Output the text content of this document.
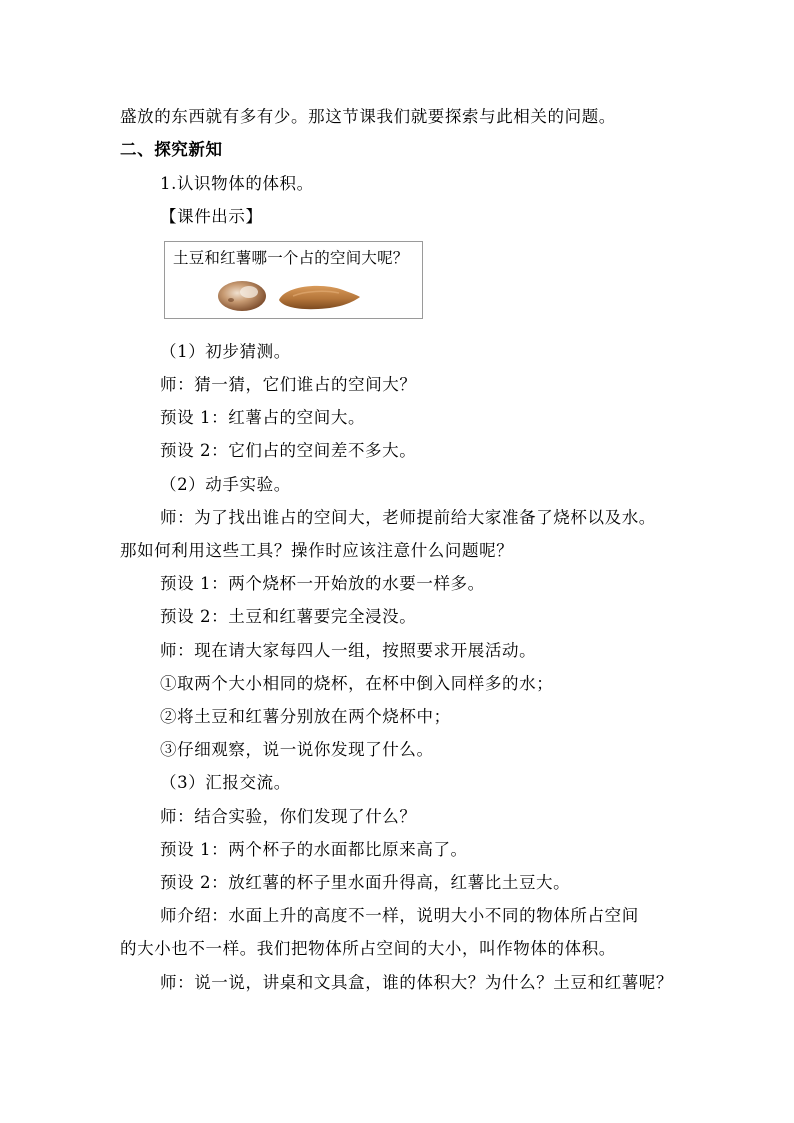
盛放的东西就有多有少。那这节课我们就要探索与此相关的问题。
二、探究新知
1.认识物体的体积。
【课件出示】
土豆和红薯哪一个占的空间大呢？
（1）初步猜测。
师：猜一猜，它们谁占的空间大？
预设 1：红薯占的空间大。
预设 2：它们占的空间差不多大。
（2）动手实验。
师：为了找出谁占的空间大，老师提前给大家准备了烧杯以及水。
那如何利用这些工具？操作时应该注意什么问题呢？
预设 1：两个烧杯一开始放的水要一样多。
预设 2：土豆和红薯要完全浸没。
师：现在请大家每四人一组，按照要求开展活动。
①取两个大小相同的烧杯，在杯中倒入同样多的水；
②将土豆和红薯分别放在两个烧杯中；
③仔细观察，说一说你发现了什么。
（3）汇报交流。
师：结合实验，你们发现了什么？
预设 1：两个杯子的水面都比原来高了。
预设 2：放红薯的杯子里水面升得高，红薯比土豆大。
师介绍：水面上升的高度不一样，说明大小不同的物体所占空间
的大小也不一样。我们把物体所占空间的大小，叫作物体的体积。
师：说一说，讲桌和文具盒，谁的体积大？为什么？土豆和红薯呢？
